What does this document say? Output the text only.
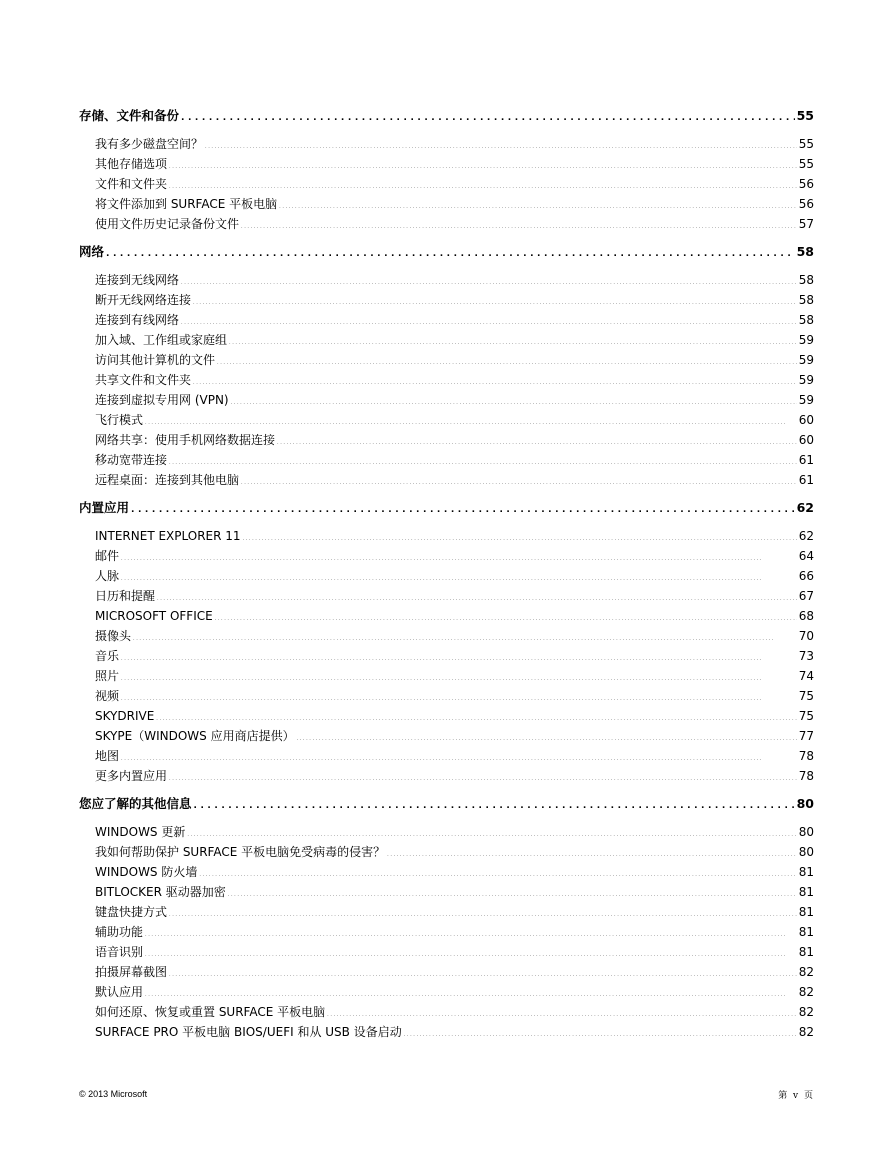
存储、文件和备份 . . .	55
我有多少磁盘空间？ . . .	55
其他存储选项 . . .	55
文件和文件夹 . . .	56
将文件添加到 SURFACE 平板电脑 . . .	56
使用文件历史记录备份文件 . . .	57
网络 . . .	58
连接到无线网络 . . .	58
断开无线网络连接 . . .	58
连接到有线网络 . . .	58
加入域、工作组或家庭组 . . .	59
访问其他计算机的文件 . . .	59
共享文件和文件夹 . . .	59
连接到虚拟专用网 (VPN) . . .	59
飞行模式 . . .	60
网络共享：使用手机网络数据连接 . . .	60
移动宽带连接 . . .	61
远程桌面：连接到其他电脑 . . .	61
内置应用 . . .	62
INTERNET EXPLORER 11 . . .	62
邮件 . . .	64
人脉 . . .	66
日历和提醒 . . .	67
MICROSOFT OFFICE . . .	68
摄像头 . . .	70
音乐 . . .	73
照片 . . .	74
视频 . . .	75
SKYDRIVE . . .	75
SKYPE（WINDOWS 应用商店提供） . . .	77
地图 . . .	78
更多内置应用 . . .	78
您应了解的其他信息 . . .	80
WINDOWS 更新 . . .	80
我如何帮助保护 SURFACE 平板电脑免受病毒的侵害？ . . .	80
WINDOWS 防火墙 . . .	81
BITLOCKER 驱动器加密 . . .	81
键盘快捷方式 . . .	81
辅助功能 . . .	81
语音识别 . . .	81
拍摄屏幕截图 . . .	82
默认应用 . . .	82
如何还原、恢复或重置 SURFACE 平板电脑 . . .	82
SURFACE PRO 平板电脑 BIOS/UEFI 和从 USB 设备启动 . . .	82
© 2013 Microsoft	第 v 页
